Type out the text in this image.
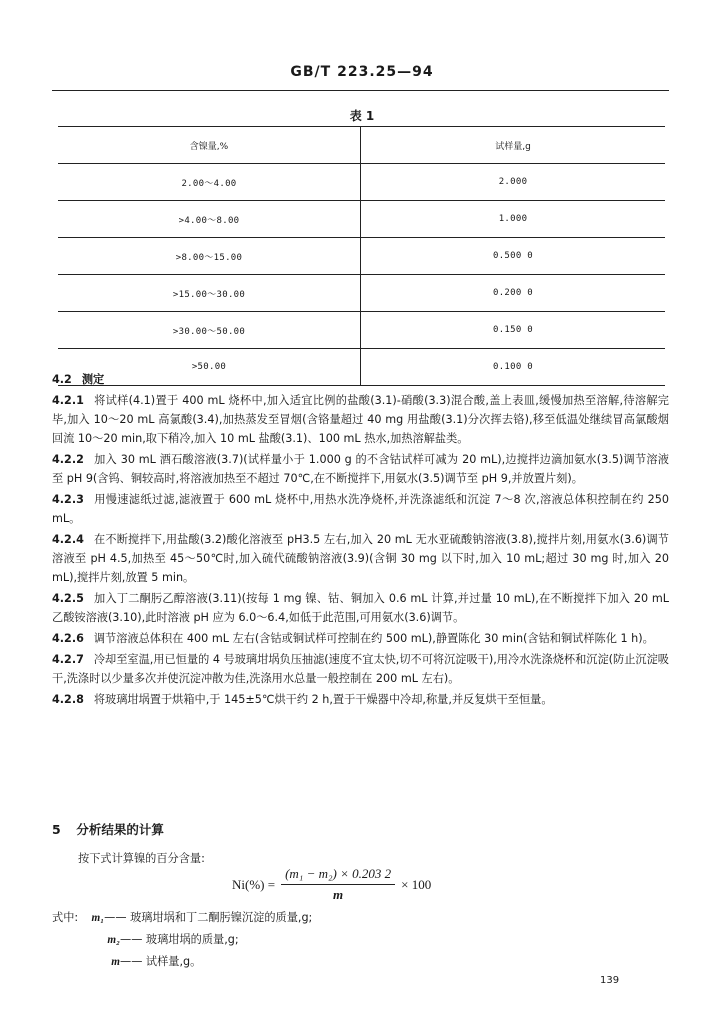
GB/T 223.25—94
表 1
含镍量,%	试样量,g
2.00～4.00	2.000
>4.00～8.00	1.000
>8.00～15.00	0.500 0
>15.00～30.00	0.200 0
>30.00～50.00	0.150 0
>50.00	0.100 0

4.2 测定

4.2.1 将试样(4.1)置于 400 mL 烧杯中,加入适宜比例的盐酸(3.1)-硝酸(3.3)混合酸,盖上表皿,缓慢加热至溶解,待溶解完毕,加入 10～20 mL 高氯酸(3.4),加热蒸发至冒烟(含铬量超过 40 mg 用盐酸(3.1)分次挥去铬),移至低温处继续冒高氯酸烟回流 10～20 min,取下稍冷,加入 10 mL 盐酸(3.1)、100 mL 热水,加热溶解盐类。

4.2.2 加入 30 mL 酒石酸溶液(3.7)(试样量小于 1.000 g 的不含钴试样可减为 20 mL),边搅拌边滴加氨水(3.5)调节溶液至 pH 9(含钨、铜较高时,将溶液加热至不超过 70℃,在不断搅拌下,用氨水(3.5)调节至 pH 9,并放置片刻)。

4.2.3 用慢速滤纸过滤,滤液置于 600 mL 烧杯中,用热水洗净烧杯,并洗涤滤纸和沉淀 7～8 次,溶液总体积控制在约 250 mL。

4.2.4 在不断搅拌下,用盐酸(3.2)酸化溶液至 pH3.5 左右,加入 20 mL 无水亚硫酸钠溶液(3.8),搅拌片刻,用氨水(3.6)调节溶液至 pH 4.5,加热至 45～50℃时,加入硫代硫酸钠溶液(3.9)(含铜 30 mg 以下时,加入 10 mL;超过 30 mg 时,加入 20 mL),搅拌片刻,放置 5 min。

4.2.5 加入丁二酮肟乙醇溶液(3.11)(按每 1 mg 镍、钴、铜加入 0.6 mL 计算,并过量 10 mL),在不断搅拌下加入 20 mL 乙酸铵溶液(3.10),此时溶液 pH 应为 6.0～6.4,如低于此范围,可用氨水(3.6)调节。

4.2.6 调节溶液总体积在 400 mL 左右(含钴或铜试样可控制在约 500 mL),静置陈化 30 min(含钴和铜试样陈化 1 h)。

4.2.7 冷却至室温,用已恒量的 4 号玻璃坩埚负压抽滤(速度不宜太快,切不可将沉淀吸干),用冷水洗涤烧杯和沉淀(防止沉淀吸干,洗涤时以少量多次并使沉淀冲散为佳,洗涤用水总量一般控制在 200 mL 左右)。

4.2.8 将玻璃坩埚置于烘箱中,于 145±5℃烘干约 2 h,置于干燥器中冷却,称量,并反复烘干至恒量。

5 分析结果的计算
按下式计算镍的百分含量:
$Ni(\%) = \frac{\text{(m₁ − m₂) × 0.203 2}}{m} \times 100$
式中:	m₁ —— 玻璃坩埚和丁二酮肟镍沉淀的质量,g;
m₂ —— 玻璃坩埚的质量,g;
m —— 试样量,g。
139
